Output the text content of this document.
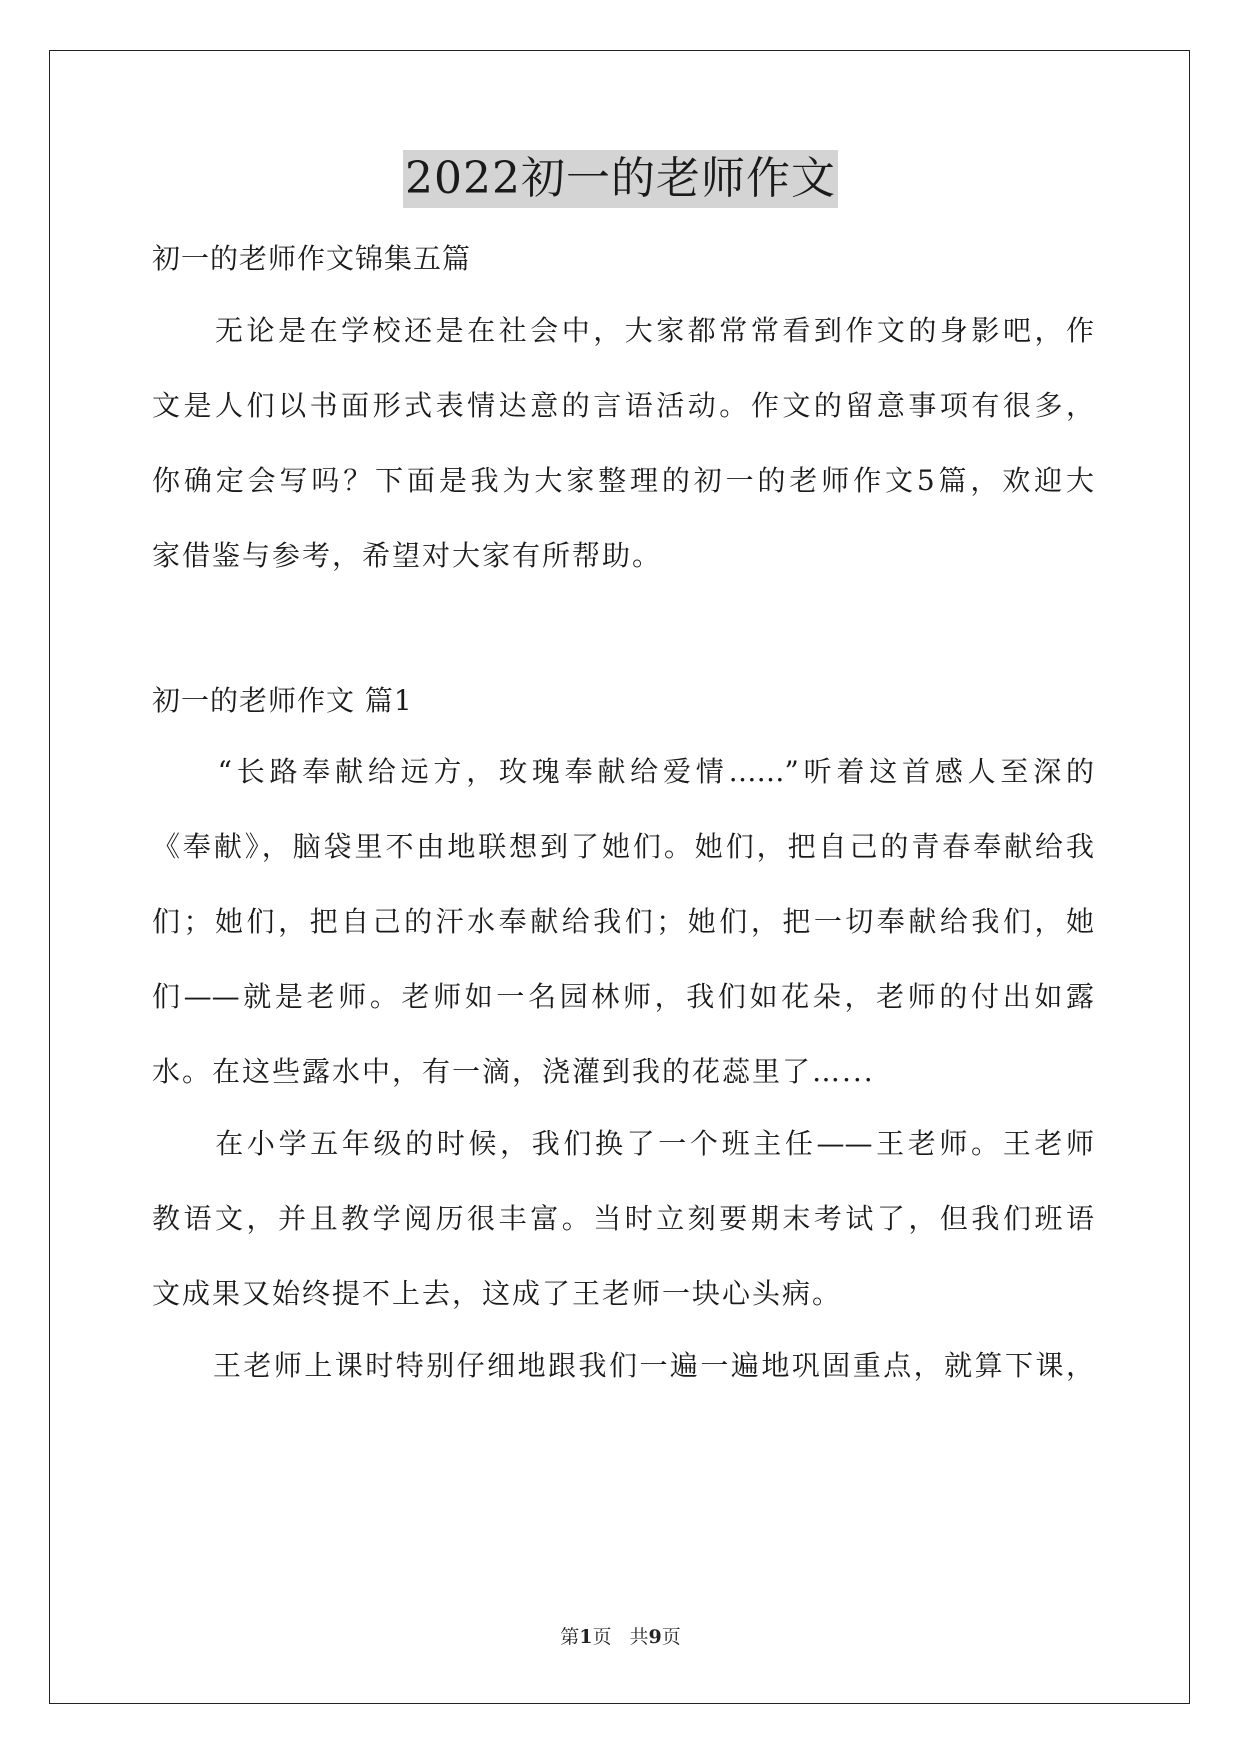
2022初一的老师作文
初一的老师作文锦集五篇
　　无论是在学校还是在社会中，大家都常常看到作文的身影吧，作
文是人们以书面形式表情达意的言语活动。作文的留意事项有很多，
你确定会写吗？下面是我为大家整理的初一的老师作文5篇，欢迎大
家借鉴与参考，希望对大家有所帮助。
初一的老师作文 篇1
　　“长路奉献给远方，玫瑰奉献给爱情……”听着这首感人至深的
《奉献》，脑袋里不由地联想到了她们。她们，把自己的青春奉献给我
们；她们，把自己的汗水奉献给我们；她们，把一切奉献给我们，她
们——就是老师。老师如一名园林师，我们如花朵，老师的付出如露
水。在这些露水中，有一滴，浇灌到我的花蕊里了…...
　　在小学五年级的时候，我们换了一个班主任——王老师。王老师
教语文，并且教学阅历很丰富。当时立刻要期末考试了，但我们班语
文成果又始终提不上去，这成了王老师一块心头病。
　　王老师上课时特别仔细地跟我们一遍一遍地巩固重点，就算下课，
第1页 共9页
